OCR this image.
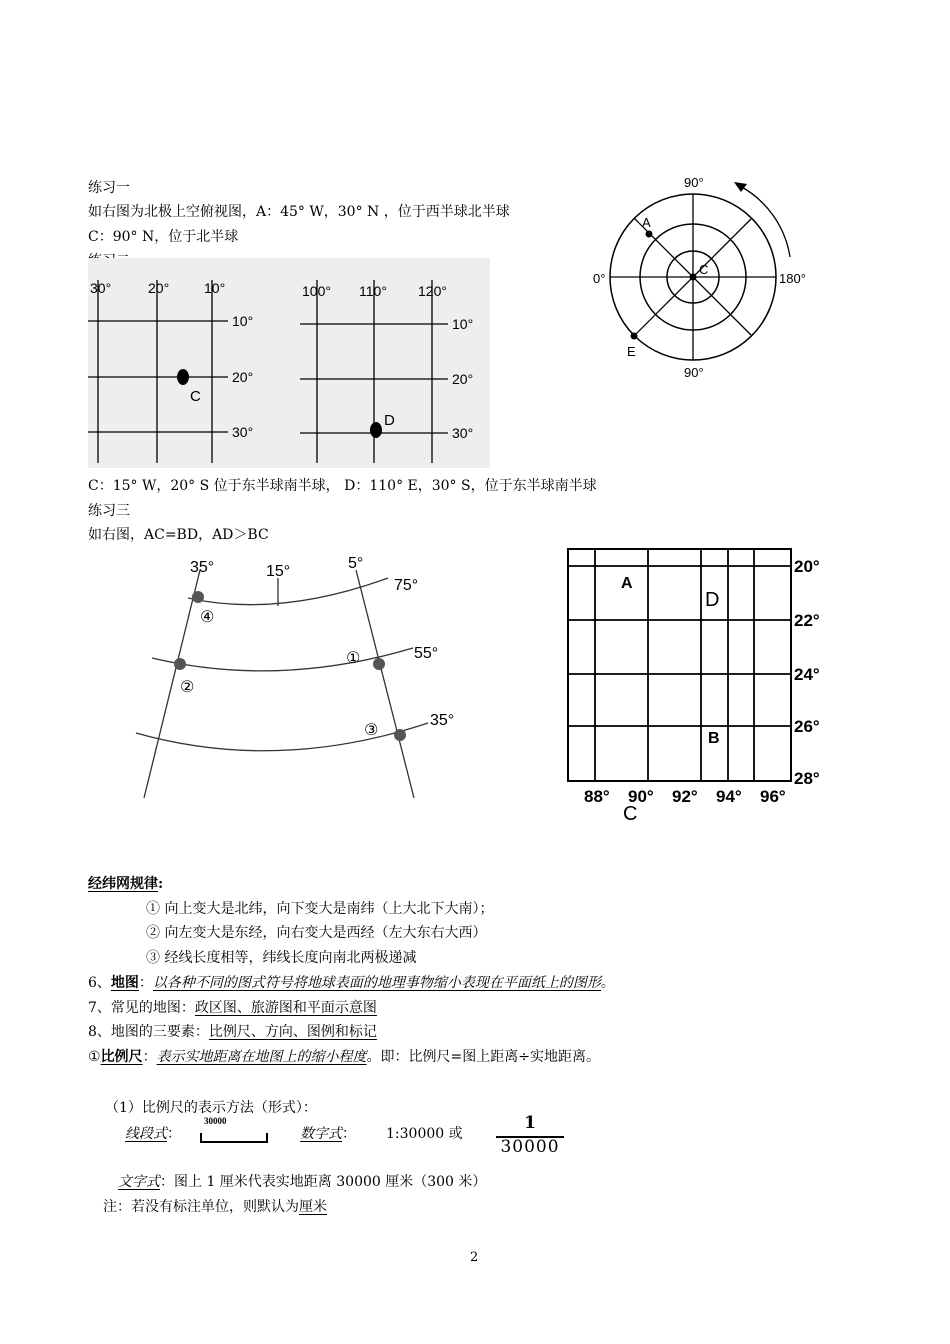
练习一
如右图为北极上空俯视图，A：45° W，30° N ，位于西半球北半球
C：90° N，位于北半球
90°
90°
0°	180°
A
C
E
30°	20° 10°
10°
20°
30°
C
100° 110° 120°
10°
20°
30°
D
C：15° W，20° S 位于东半球南半球， D：110° E，30° S，位于东半球南半球
练习三
如右图，AC=BD，AD＞BC
35°	15°	5°
75°
55°
35°
④
②
①
③
20°
22°
24°
26°
28°
88° 90° 92° 94° 96°
A
B
D
C
经纬网规律:
① 向上变大是北纬，向下变大是南纬（上大北下大南）；
② 向左变大是东经，向右变大是西经（左大东右大西）
③ 经线长度相等，纬线长度向南北两极递减
6、地图：以各种不同的图式符号将地球表面的地理事物缩小表现在平面纸上的图形。
7、常见的地图：政区图、旅游图和平面示意图
8、地图的三要素：比例尺、方向、图例和标记
①比例尺：表示实地距离在地图上的缩小程度。即：比例尺=图上距离÷实地距离。
（1）比例尺的表示方法（形式）：
线段式：
30000
数字式： 1:30000 或
1
30000
文字式：图上 1 厘米代表实地距离 30000 厘米（300 米）
注：若没有标注单位，则默认为厘米
2
